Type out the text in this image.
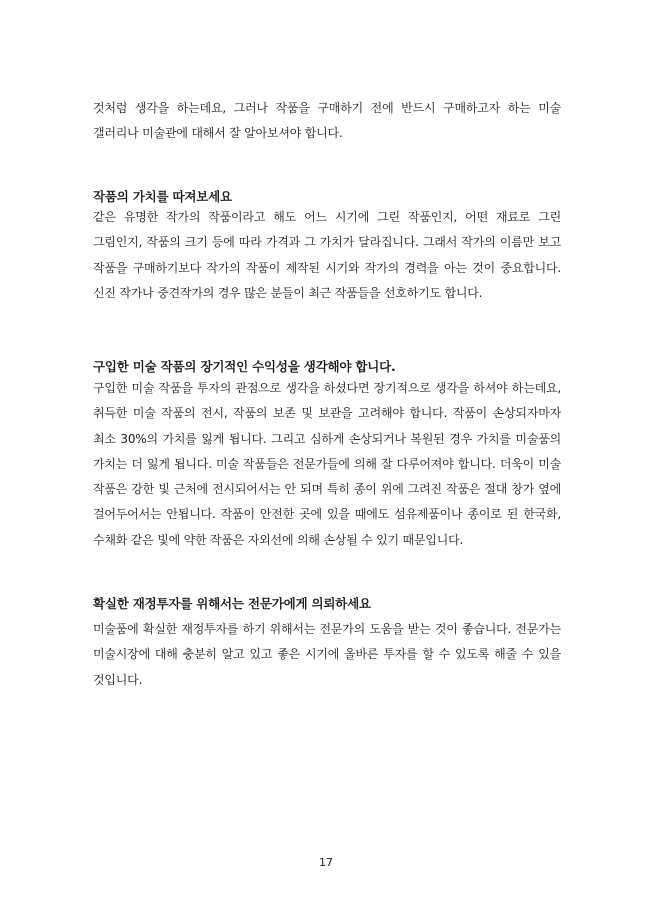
것처럼 생각을 하는데요, 그러나 작품을 구매하기 전에 반드시 구매하고자 하는 미술 갤러리나 미술관에 대해서 잘 알아보셔야 합니다.

작품의 가치를 따져보세요

같은 유명한 작가의 작품이라고 해도 어느 시기에 그린 작품인지, 어떤 재료로 그린 그림인지, 작품의 크기 등에 따라 가격과 그 가치가 달라집니다. 그래서 작가의 이름만 보고 작품을 구매하기보다 작가의 작품이 제작된 시기와 작가의 경력을 아는 것이 중요합니다. 신진 작가나 중견작가의 경우 많은 분들이 최근 작품들을 선호하기도 합니다.

구입한 미술 작품의 장기적인 수익성을 생각해야 합니다.

구입한 미술 작품을 투자의 관점으로 생각을 하셨다면 장기적으로 생각을 하셔야 하는데요, 취득한 미술 작품의 전시, 작품의 보존 및 보관을 고려해야 합니다. 작품이 손상되자마자 최소 30%의 가치를 잃게 됩니다. 그리고 심하게 손상되거나 복원된 경우 가치를 미술품의 가치는 더 잃게 됩니다. 미술 작품들은 전문가들에 의해 잘 다루어져야 합니다. 더욱이 미술 작품은 강한 빛 근처에 전시되어서는 안 되며 특히 종이 위에 그려진 작품은 절대 창가 옆에 걸어두어서는 안됩니다. 작품이 안전한 곳에 있을 때에도 섬유제품이나 종이로 된 한국화, 수채화 같은 빛에 약한 작품은 자외선에 의해 손상될 수 있기 때문입니다.

확실한 재정투자를 위해서는 전문가에게 의뢰하세요

미술품에 확실한 재정투자를 하기 위해서는 전문가의 도움을 받는 것이 좋습니다. 전문가는 미술시장에 대해 충분히 알고 있고 좋은 시기에 올바른 투자를 할 수 있도록 해줄 수 있을 것입니다.

17
